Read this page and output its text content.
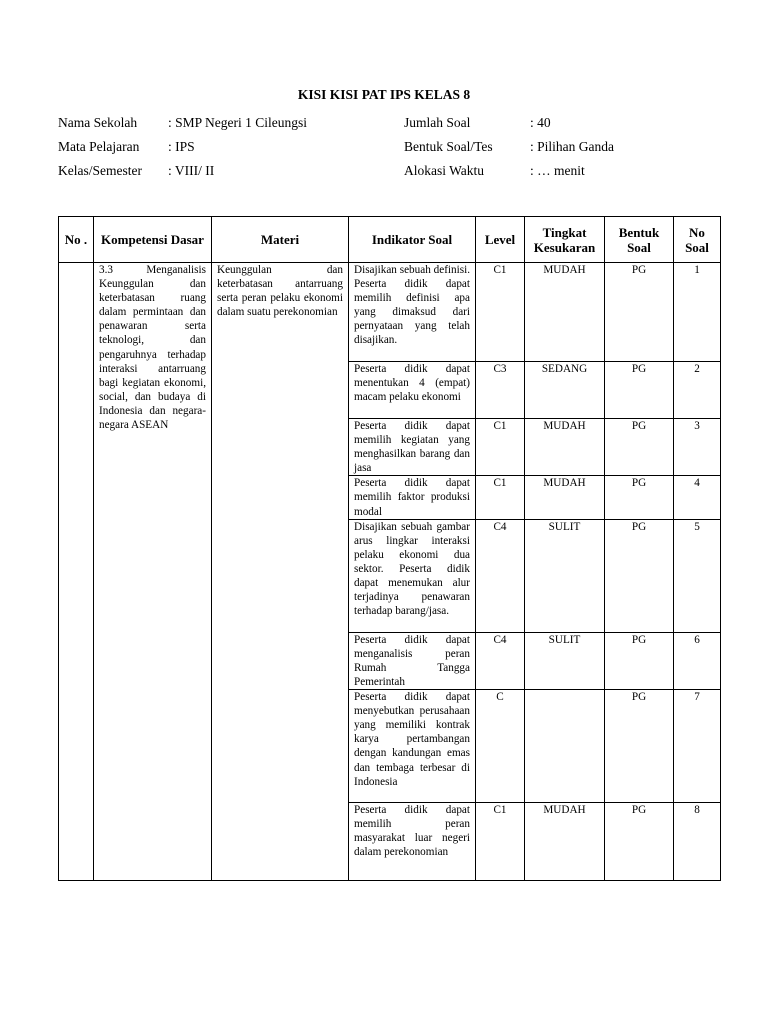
KISI KISI PAT IPS KELAS 8
Nama Sekolah : SMP Negeri 1 Cileungsi
Mata Pelajaran : IPS
Kelas/Semester : VIII/ II
Jumlah Soal	: 40
Bentuk Soal/Tes	: Pilihan Ganda
Alokasi Waktu	: … menit
No .	Kompetensi Dasar	Materi	Indikator Soal	Level	Tingkat Kesukaran	Bentuk Soal	No Soal
	3.3 Menganalisis Keunggulan dan keterbatasan ruang dalam permintaan dan penawaran serta teknologi, dan pengaruhnya terhadap interaksi antarruang bagi kegiatan ekonomi, social, dan budaya di Indonesia dan negara-negara ASEAN	Keunggulan dan keterbatasan antarruang serta peran pelaku ekonomi dalam suatu perekonomian	Disajikan sebuah definisi. Peserta didik dapat memilih definisi apa yang dimaksud dari pernyataan yang telah disajikan.	C1	MUDAH	PG	1
			Peserta didik dapat menentukan 4 (empat) macam pelaku ekonomi	C3	SEDANG	PG	2
			Peserta didik dapat memilih kegiatan yang menghasilkan barang dan jasa	C1	MUDAH	PG	3
			Peserta didik dapat memilih faktor produksi modal	C1	MUDAH	PG	4
			Disajikan sebuah gambar arus lingkar interaksi pelaku ekonomi dua sektor. Peserta didik dapat menemukan alur terjadinya penawaran terhadap barang/jasa.	C4	SULIT	PG	5
			Peserta didik dapat menganalisis peran Rumah Tangga Pemerintah	C4	SULIT	PG	6
			Peserta didik dapat menyebutkan perusahaan yang memiliki kontrak karya pertambangan dengan kandungan emas dan tembaga terbesar di Indonesia	C		PG	7
			Peserta didik dapat memilih peran masyarakat luar negeri dalam perekonomian	C1	MUDAH	PG	8
